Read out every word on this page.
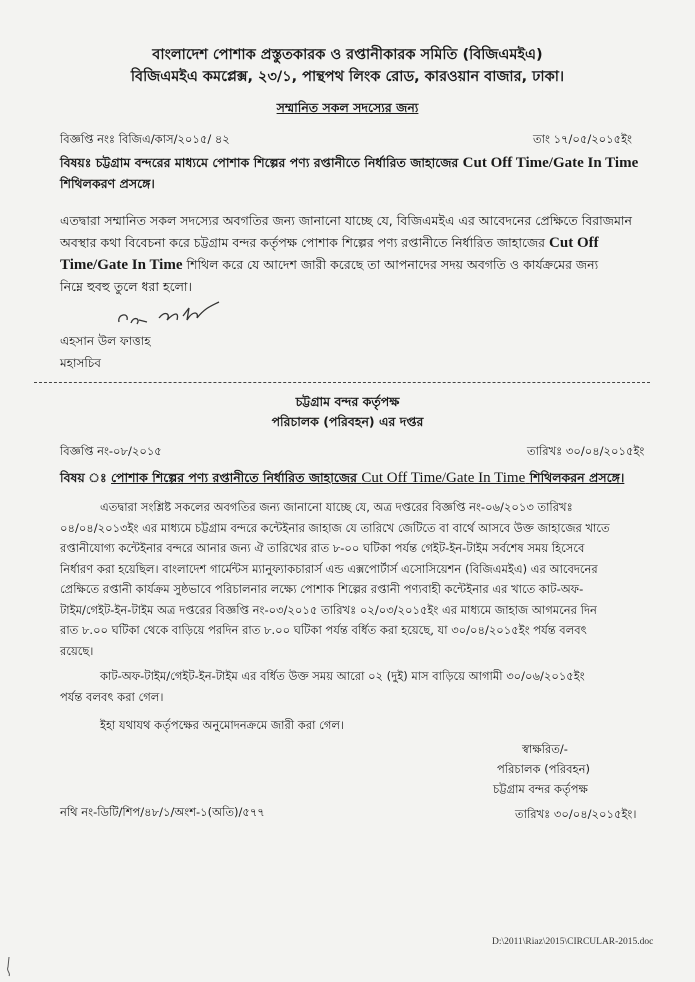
বাংলাদেশ পোশাক প্রস্তুতকারক ও রপ্তানীকারক সমিতি (বিজিএমইএ)

বিজিএমইএ কমপ্লেক্স, ২৩/১, পান্থপথ লিংক রোড, কারওয়ান বাজার, ঢাকা।

সম্মানিত সকল সদস্যের জন্য

বিজ্ঞপ্তি নংঃ বিজিএ/কাস/২০১৫/ ৪২	তাং ১৭/০৫/২০১৫ইং

বিষয়ঃ চট্টগ্রাম বন্দরের মাধ্যমে পোশাক শিল্পের পণ্য রপ্তানীতে নির্ধারিত জাহাজের Cut Off Time/Gate In Time

শিথিলকরণ প্রসঙ্গে।

এতদ্বারা সম্মানিত সকল সদস্যের অবগতির জন্য জানানো যাচ্ছে যে, বিজিএমইএ এর আবেদনের প্রেক্ষিতে বিরাজমান
অবস্থার কথা বিবেচনা করে চট্টগ্রাম বন্দর কর্তৃপক্ষ পোশাক শিল্পের পণ্য রপ্তানীতে নির্ধারিত জাহাজের Cut Off
Time/Gate In Time শিথিল করে যে আদেশ জারী করেছে তা আপনাদের সদয় অবগতি ও কার্যক্রমের জন্য
নিম্নে হুবহু তুলে ধরা হলো।

এহসান উল ফাত্তাহ

মহাসচিব

চট্টগ্রাম বন্দর কর্তৃপক্ষ

পরিচালক (পরিবহন) এর দপ্তর

বিজ্ঞপ্তি নং-০৮/২০১৫	তারিখঃ ৩০/০৪/২০১৫ইং

বিষয় ঃ পোশাক শিল্পের পণ্য রপ্তানীতে নির্ধারিত জাহাজের Cut Off Time/Gate In Time শিথিলকরন প্রসঙ্গে।
এতদ্বারা সংশ্লিষ্ট সকলের অবগতির জন্য জানানো যাচ্ছে যে, অত্র দপ্তরের বিজ্ঞপ্তি নং-০৬/২০১৩ তারিখঃ
০৪/০৪/২০১৩ইং এর মাধ্যমে চট্টগ্রাম বন্দরে কন্টেইনার জাহাজ যে তারিখে জেটিতে বা বার্থে আসবে উক্ত জাহাজের খাতে
রপ্তানীযোগ্য কন্টেইনার বন্দরে আনার জন্য ঐ তারিখের রাত ৮-০০ ঘটিকা পর্যন্ত গেইট-ইন-টাইম সর্বশেষ সময় হিসেবে
নির্ধারণ করা হয়েছিল। বাংলাদেশ গার্মেন্টস ম্যানুফ্যাকচারার্স এন্ড এক্সপোর্টার্স এসোসিয়েশন (বিজিএমইএ) এর আবেদনের
প্রেক্ষিতে রপ্তানী কার্যক্রম সুষ্ঠভাবে পরিচালনার লক্ষ্যে পোশাক শিল্পের রপ্তানী পণ্যবাহী কন্টেইনার এর খাতে কাট-অফ-
টাইম/গেইট-ইন-টাইম অত্র দপ্তরের বিজ্ঞপ্তি নং-০৩/২০১৫ তারিখঃ ০২/০৩/২০১৫ইং এর মাধ্যমে জাহাজ আগমনের দিন
রাত ৮.০০ ঘটিকা থেকে বাড়িয়ে পরদিন রাত ৮.০০ ঘটিকা পর্যন্ত বর্ধিত করা হয়েছে, যা ৩০/০৪/২০১৫ইং পর্যন্ত বলবৎ
রয়েছে।
কাট-অফ-টাইম/গেইট-ইন-টাইম এর বর্ধিত উক্ত সময় আরো ০২ (দুই) মাস বাড়িয়ে আগামী ৩০/০৬/২০১৫ইং
পর্যন্ত বলবৎ করা গেল।

ইহা যথাযথ কর্তৃপক্ষের অনুমোদনক্রমে জারী করা গেল।

স্বাক্ষরিত/-

পরিচালক (পরিবহন)

চট্টগ্রাম বন্দর কর্তৃপক্ষ

নথি নং-ডিটি/শিপ/৪৮/১/অংশ-১(অতি)/৫৭৭	তারিখঃ ৩০/০৪/২০১৫ইং।

D:\2011\Riaz\2015\CIRCULAR-2015.doc
